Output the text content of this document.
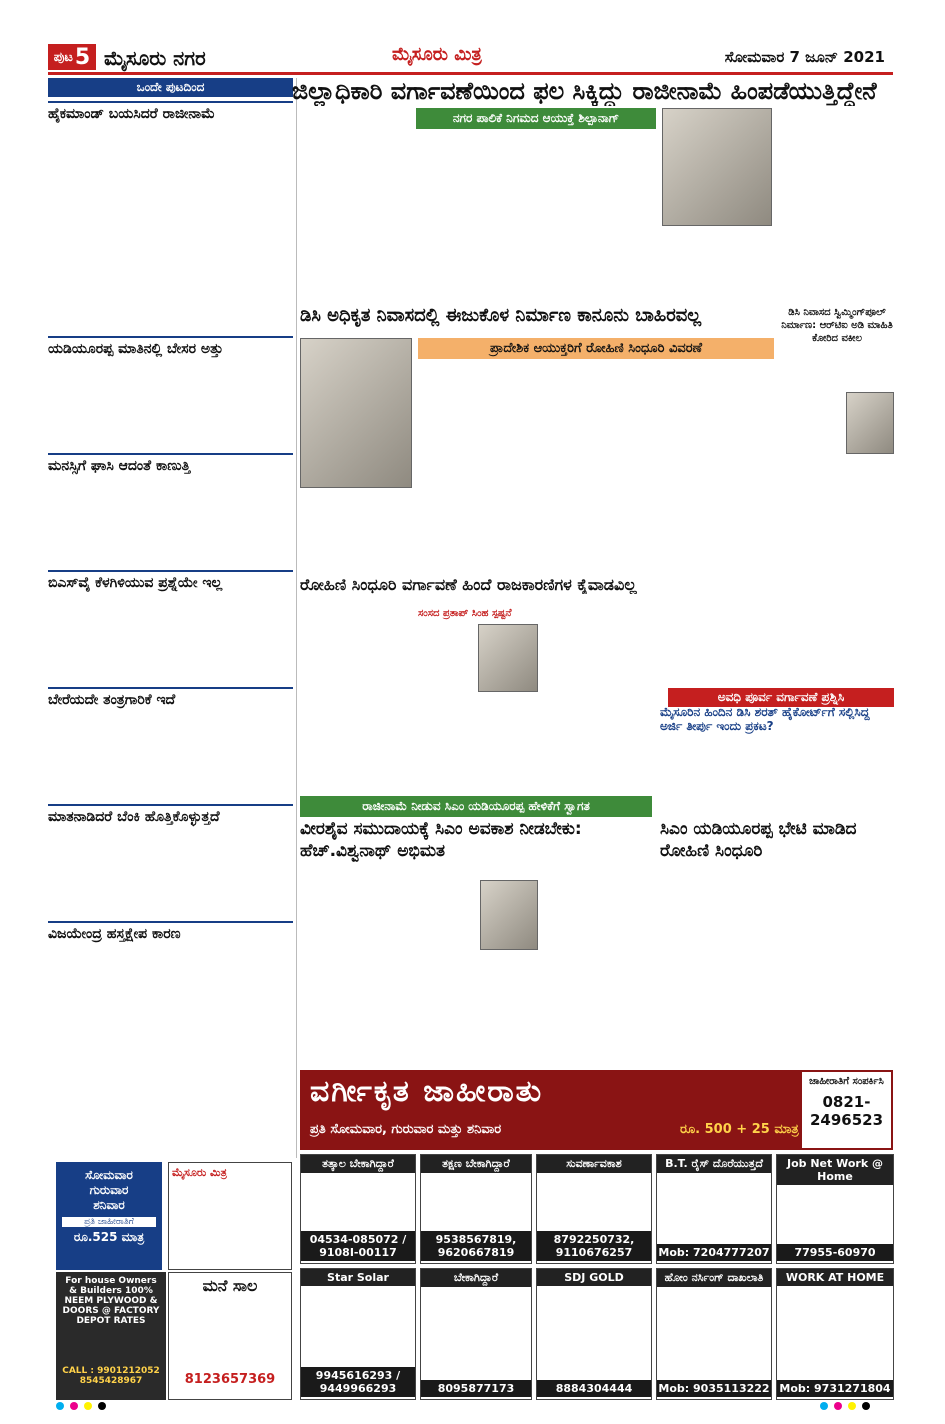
ಪುಟ 5 ಮೈಸೂರು ನಗರ	ಮೈಸೂರು ಮಿತ್ರ	ಸೋಮವಾರ 7 ಜೂನ್ 2021
ಒಂದೇ ಪುಟದಿಂದ
ಹೈಕಮಾಂಡ್ ಬಯಸಿದರೆ ರಾಜೀನಾಮೆ
ಯಡಿಯೂರಪ್ಪ ಮಾತಿನಲ್ಲಿ ಬೇಸರ ಅತ್ತು
ಮನಸ್ಸಿಗೆ ಘಾಸಿ ಆದಂತೆ ಕಾಣುತ್ತಿ
ಬಿಎಸ್‌ವೈ ಕೆಳಗಿಳಿಯುವ ಪ್ರಶ್ನೆಯೇ ಇಲ್ಲ
ಬೇರೆಯದೇ ತಂತ್ರಗಾರಿಕೆ ಇದೆ
ಮಾತನಾಡಿದರೆ ಬೆಂಕಿ ಹೊತ್ತಿಕೊಳ್ಳುತ್ತದೆ
ವಿಜಯೇಂದ್ರ ಹಸ್ತಕ್ಷೇಪ ಕಾರಣ
ಜಿಲ್ಲಾಧಿಕಾರಿ ವರ್ಗಾವಣೆಯಿಂದ ಫಲ ಸಿಕ್ಕಿದ್ದು ರಾಜೀನಾಮೆ ಹಿಂಪಡೆಯುತ್ತಿದ್ದೇನೆ
ನಗರ ಪಾಲಿಕೆ ನಿಗಮದ ಆಯುಕ್ತೆ ಶಿಲ್ಪಾನಾಗ್
ಡಿಸಿ ಅಧಿಕೃತ ನಿವಾಸದಲ್ಲಿ ಈಜುಕೊಳ ನಿರ್ಮಾಣ ಕಾನೂನು ಬಾಹಿರವಲ್ಲ
ಪ್ರಾದೇಶಿಕ ಆಯುಕ್ತರಿಗೆ ರೋಹಿಣಿ ಸಿಂಧೂರಿ ವಿವರಣೆ
ಡಿಸಿ ನಿವಾಸದ ಸ್ವಿಮ್ಮಿಂಗ್‌ಪೂಲ್ ನಿರ್ಮಾಣ: ಆರ್‌ಟಿಐ ಅಡಿ ಮಾಹಿತಿ ಕೋರಿದ ವಕೀಲ
ರೋಹಿಣಿ ಸಿಂಧೂರಿ ವರ್ಗಾವಣೆ ಹಿಂದೆ ರಾಜಕಾರಣಿಗಳ ಕೈವಾಡವಿಲ್ಲ
ಸಂಸದ ಪ್ರತಾಪ್ ಸಿಂಹ ಸ್ಪಷ್ಟನೆ
ಅವಧಿ ಪೂರ್ವ ವರ್ಗಾವಣೆ ಪ್ರಶ್ನಿಸಿ
ಮೈಸೂರಿನ ಹಿಂದಿನ ಡಿಸಿ ಶರತ್ ಹೈಕೋರ್ಟ್‌ಗೆ ಸಲ್ಲಿಸಿದ್ದ ಅರ್ಜಿ ತೀರ್ಪು ಇಂದು ಪ್ರಕಟ?
ರಾಜೀನಾಮೆ ನೀಡುವ ಸಿಎಂ ಯಡಿಯೂರಪ್ಪ ಹೇಳಿಕೆಗೆ ಸ್ವಾಗತ
ವೀರಶೈವ ಸಮುದಾಯಕ್ಕೆ ಸಿಎಂ ಅವಕಾಶ ನೀಡಬೇಕು: ಹೆಚ್.ವಿಶ್ವನಾಥ್ ಅಭಿಮತ
ಸಿಎಂ ಯಡಿಯೂರಪ್ಪ ಭೇಟಿ ಮಾಡಿದ ರೋಹಿಣಿ ಸಿಂಧೂರಿ
ವರ್ಗೀಕೃತ ಜಾಹೀರಾತು
ಪ್ರತಿ ಸೋಮವಾರ, ಗುರುವಾರ ಮತ್ತು ಶನಿವಾರ	ರೂ. 500 + 25 ಮಾತ್ರ
ಜಾಹೀರಾತಿಗೆ ಸಂಪರ್ಕಿಸಿ
0821-2496523
ಸೋಮವಾರ
ಗುರುವಾರ
ಶನಿವಾರ
ಪ್ರತಿ ಜಾಹೀರಾತಿಗೆ
ರೂ.525 ಮಾತ್ರ
ಮೈಸೂರು ಮಿತ್ರ
For house Owners & Builders 100% NEEM PLYWOOD & DOORS @ FACTORY DEPOT RATES
CALL : 9901212052 8545428967
ಮನೆ ಸಾಲ
8123657369
ತತ್ಕಾಲ ಬೇಕಾಗಿದ್ದಾರೆ
04534-085072 / 9108I-00117
ತಕ್ಷಣ ಬೇಕಾಗಿದ್ದಾರೆ
9538567819, 9620667819
ಸುವರ್ಣಾವಕಾಶ
8792250732, 9110676257
B.T. ರೈಸ್ ದೊರೆಯುತ್ತದೆ
Mob: 7204777207
Job Net Work @ Home
77955-60970
Star Solar
9945616293 / 9449966293
ಬೇಕಾಗಿದ್ದಾರೆ
8095877173
SDJ GOLD
8884304444
ಹೋಂ ನರ್ಸಿಂಗ್ ದಾಖಲಾತಿ
Mob: 9035113222
WORK AT HOME
Mob: 9731271804
